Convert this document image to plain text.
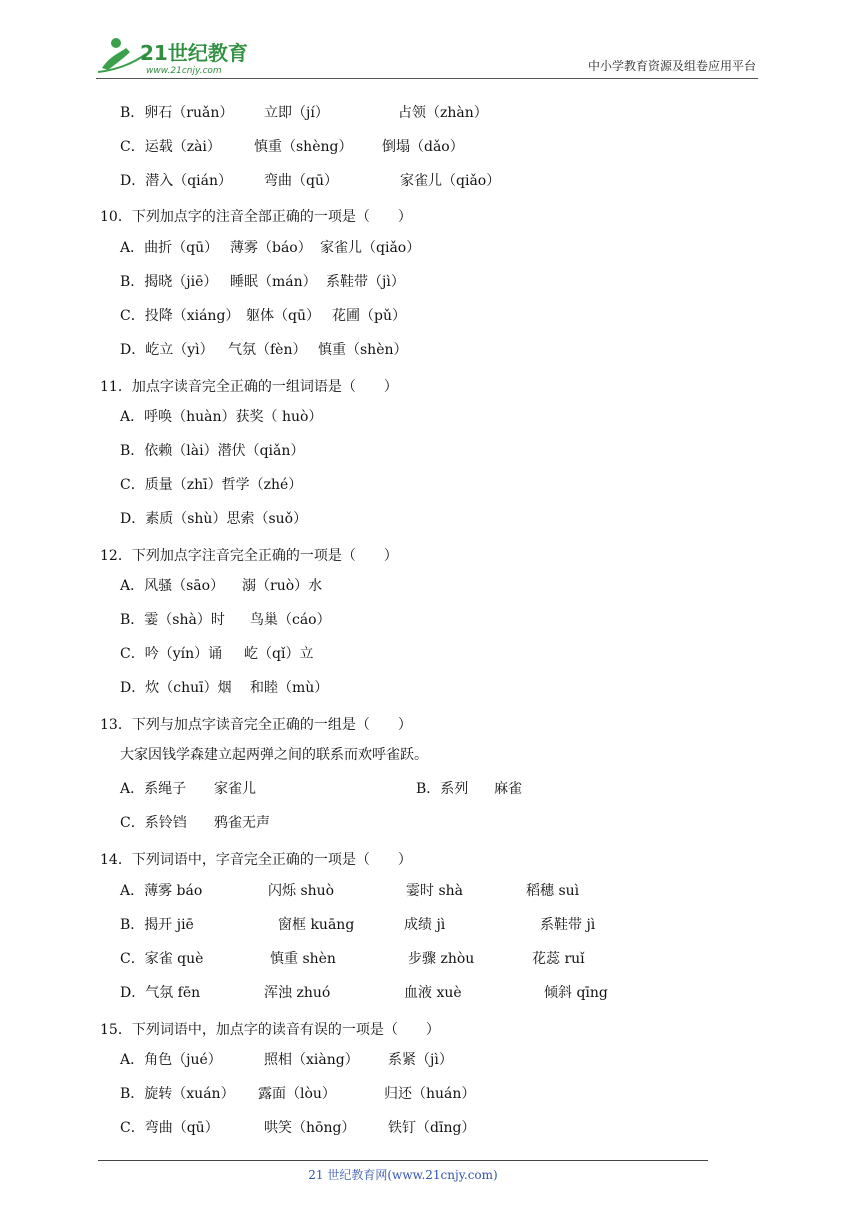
21世纪教育
www.21cnjy.com	中小学教育资源及组卷应用平台
B．卵石（ruǎn） 立即（jí）	占领（zhàn）
C．运载（zài） 慎重（shèng） 倒塌（dǎo）
D．潜入（qián） 弯曲（qū）	家雀儿（qiǎo）
10．下列加点字的注音全部正确的一项是（　　）
A．曲折（qū） 薄雾（báo） 家雀儿（qiǎo）
B．揭晓（jiē） 睡眠（mán） 系鞋带（jì）
C．投降（xiáng） 躯体（qū） 花圃（pǔ）
D．屹立（yì） 气氛（fèn） 慎重（shèn）
11．加点字读音完全正确的一组词语是（　　）
A．呼唤（huàn）获奖（ huò）
B．依赖（lài）潜伏（qiǎn）
C．质量（zhī）哲学（zhé）
D．素质（shù）思索（suǒ）
12．下列加点字注音完全正确的一项是（　　）
A．风骚（sāo） 溺（ruò）水
B．霎（shà）时 鸟巢（cáo）
C．吟（yín）诵 屹（qǐ）立
D．炊（chuī）烟 和睦（mù）
13．下列与加点字读音完全正确的一组是（　　）
大家因钱学森建立起两弹之间的联系而欢呼雀跃。
A．系绳子 家雀儿	B．系列 麻雀
C．系铃铛 鸦雀无声
14．下列词语中，字音完全正确的一项是（　　）
A．薄雾 báo	闪烁 shuò	霎时 shà	稻穗 suì
B．揭开 jiē	窗框 kuāng	成绩 jì	系鞋带 jì
C．家雀 què	慎重 shèn	步骤 zhòu	花蕊 ruǐ
D．气氛 fēn	浑浊 zhuó	血液 xuè	倾斜 qīng
15．下列词语中，加点字的读音有误的一项是（　　）
A．角色（jué）	照相（xiàng） 系紧（jì）
B．旋转（xuán） 露面（lòu）	归还（huán）
C．弯曲（qū）	哄笑（hōng） 铁钉（dīng）
21 世纪教育网(www.21cnjy.com)
